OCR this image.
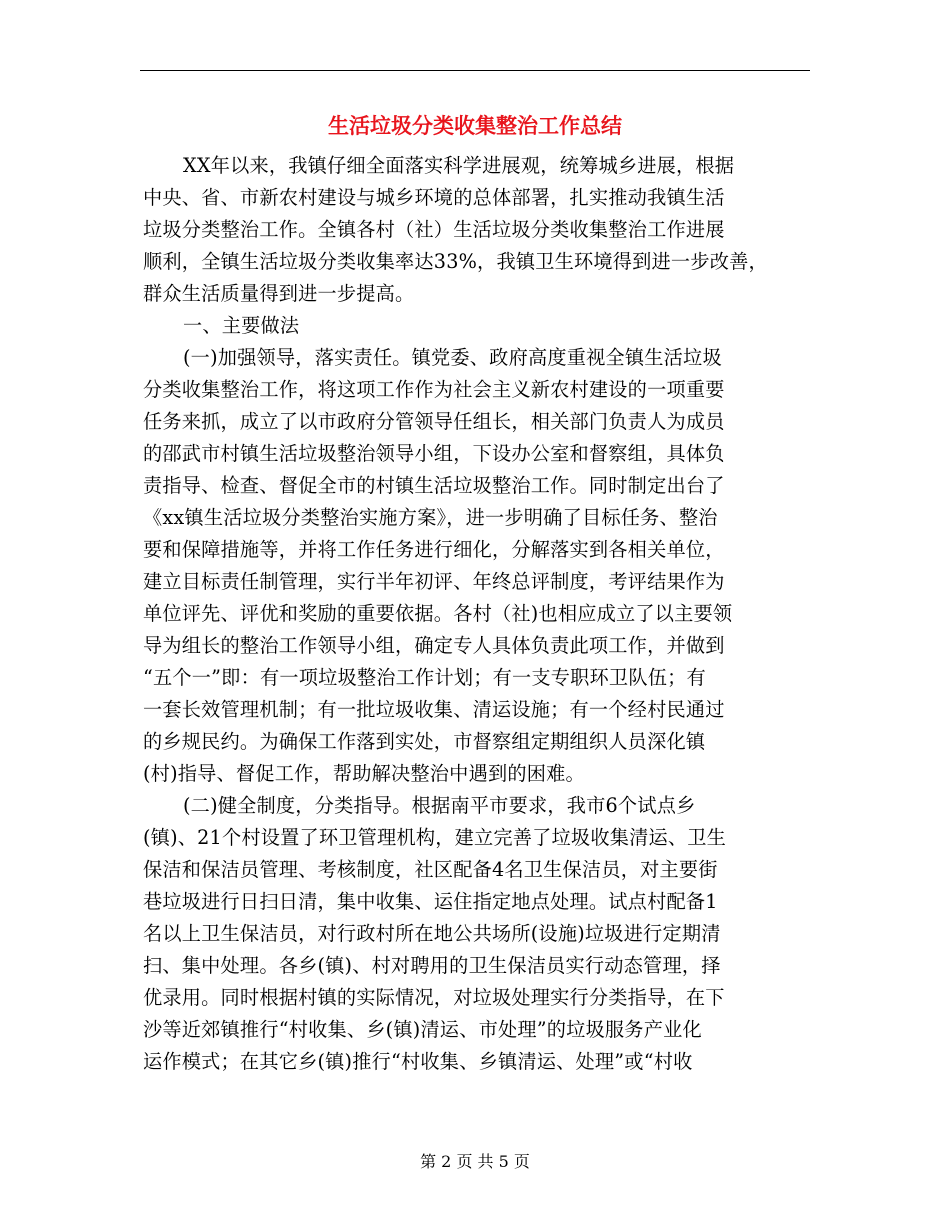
生活垃圾分类收集整治工作总结
XX年以来，我镇仔细全面落实科学进展观，统筹城乡进展，根据
中央、省、市新农村建设与城乡环境的总体部署，扎实推动我镇生活
垃圾分类整治工作。全镇各村（社）生活垃圾分类收集整治工作进展
顺利，全镇生活垃圾分类收集率达33%，我镇卫生环境得到进一步改善，
群众生活质量得到进一步提高。
一、主要做法
(一)加强领导，落实责任。镇党委、政府高度重视全镇生活垃圾
分类收集整治工作，将这项工作作为社会主义新农村建设的一项重要
任务来抓，成立了以市政府分管领导任组长，相关部门负责人为成员
的邵武市村镇生活垃圾整治领导小组，下设办公室和督察组，具体负
责指导、检查、督促全市的村镇生活垃圾整治工作。同时制定出台了
《xx镇生活垃圾分类整治实施方案》，进一步明确了目标任务、整治
要和保障措施等，并将工作任务进行细化，分解落实到各相关单位，
建立目标责任制管理，实行半年初评、年终总评制度，考评结果作为
单位评先、评优和奖励的重要依据。各村（社)也相应成立了以主要领
导为组长的整治工作领导小组，确定专人具体负责此项工作，并做到
“五个一”即：有一项垃圾整治工作计划；有一支专职环卫队伍；有
一套长效管理机制；有一批垃圾收集、清运设施；有一个经村民通过
的乡规民约。为确保工作落到实处，市督察组定期组织人员深化镇
(村)指导、督促工作，帮助解决整治中遇到的困难。
(二)健全制度，分类指导。根据南平市要求，我市6个试点乡
(镇)、21个村设置了环卫管理机构，建立完善了垃圾收集清运、卫生
保洁和保洁员管理、考核制度，社区配备4名卫生保洁员，对主要街
巷垃圾进行日扫日清，集中收集、运住指定地点处理。试点村配备1
名以上卫生保洁员，对行政村所在地公共场所(设施)垃圾进行定期清
扫、集中处理。各乡(镇)、村对聘用的卫生保洁员实行动态管理，择
优录用。同时根据村镇的实际情况，对垃圾处理实行分类指导，在下
沙等近郊镇推行“村收集、乡(镇)清运、市处理”的垃圾服务产业化
运作模式；在其它乡(镇)推行“村收集、乡镇清运、处理”或“村收
第 2 页 共 5 页
